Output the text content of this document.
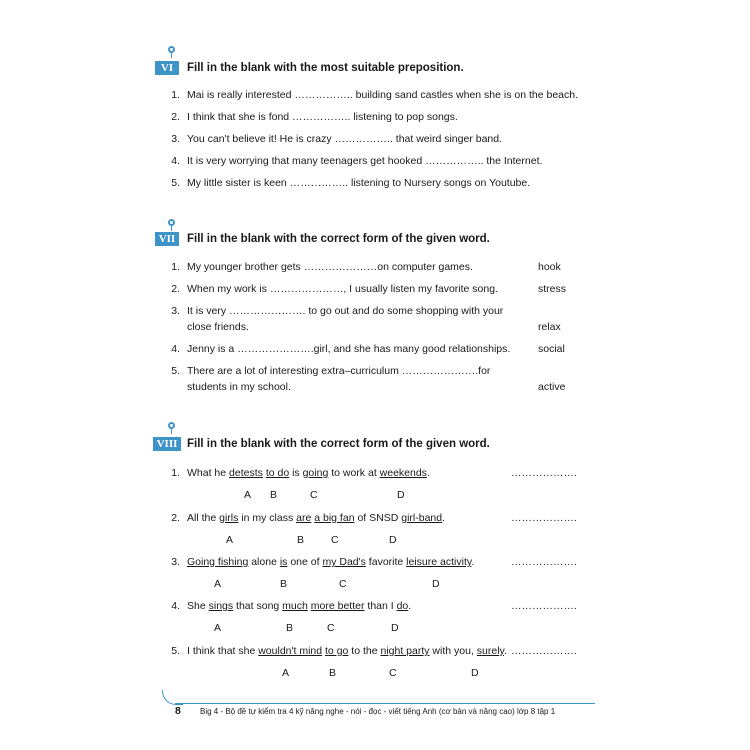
VI	Fill in the blank with the most suitable preposition.
1. Mai is really interested …………….. building sand castles when she is on the beach.
2. I think that she is fond …………….. listening to pop songs.
3. You can't believe it! He is crazy …………….. that weird singer band.
4. It is very worrying that many teenagers get hooked …………….. the Internet.
5. My little sister is keen …………….. listening to Nursery songs on Youtube.
VII	Fill in the blank with the correct form of the given word.
1. My younger brother gets …………………on computer games.	hook
2. When my work is …………………, I usually listen my favorite song.	stress
3. It is very …………………. to go out and do some shopping with your
close friends.	relax
4. Jenny is a ………………….girl, and she has many good relationships.	social
5. There are a lot of interesting extra–curriculum ………………….for
students in my school.	active
VIII Fill in the blank with the correct form of the given word.
1. What he detests to do is going to work at weekends.	……………….
A B	C	D
2. All the girls in my class are a big fan of SNSD girl-band.	……………….
A	B	C	D
3. Going fishing alone is one of my Dad's favorite leisure activity.	……………….
A	B	C	D
4. She sings that song much more better than I do.	……………….
A	B	C	D
5. I think that she wouldn't mind to go to the night party with you, surely. ……………….
A	B	C	D
8 Big 4 - Bộ đề tự kiểm tra 4 kỹ năng nghe - nói - đọc - viết tiếng Anh (cơ bản và nâng cao) lớp 8 tập 1
